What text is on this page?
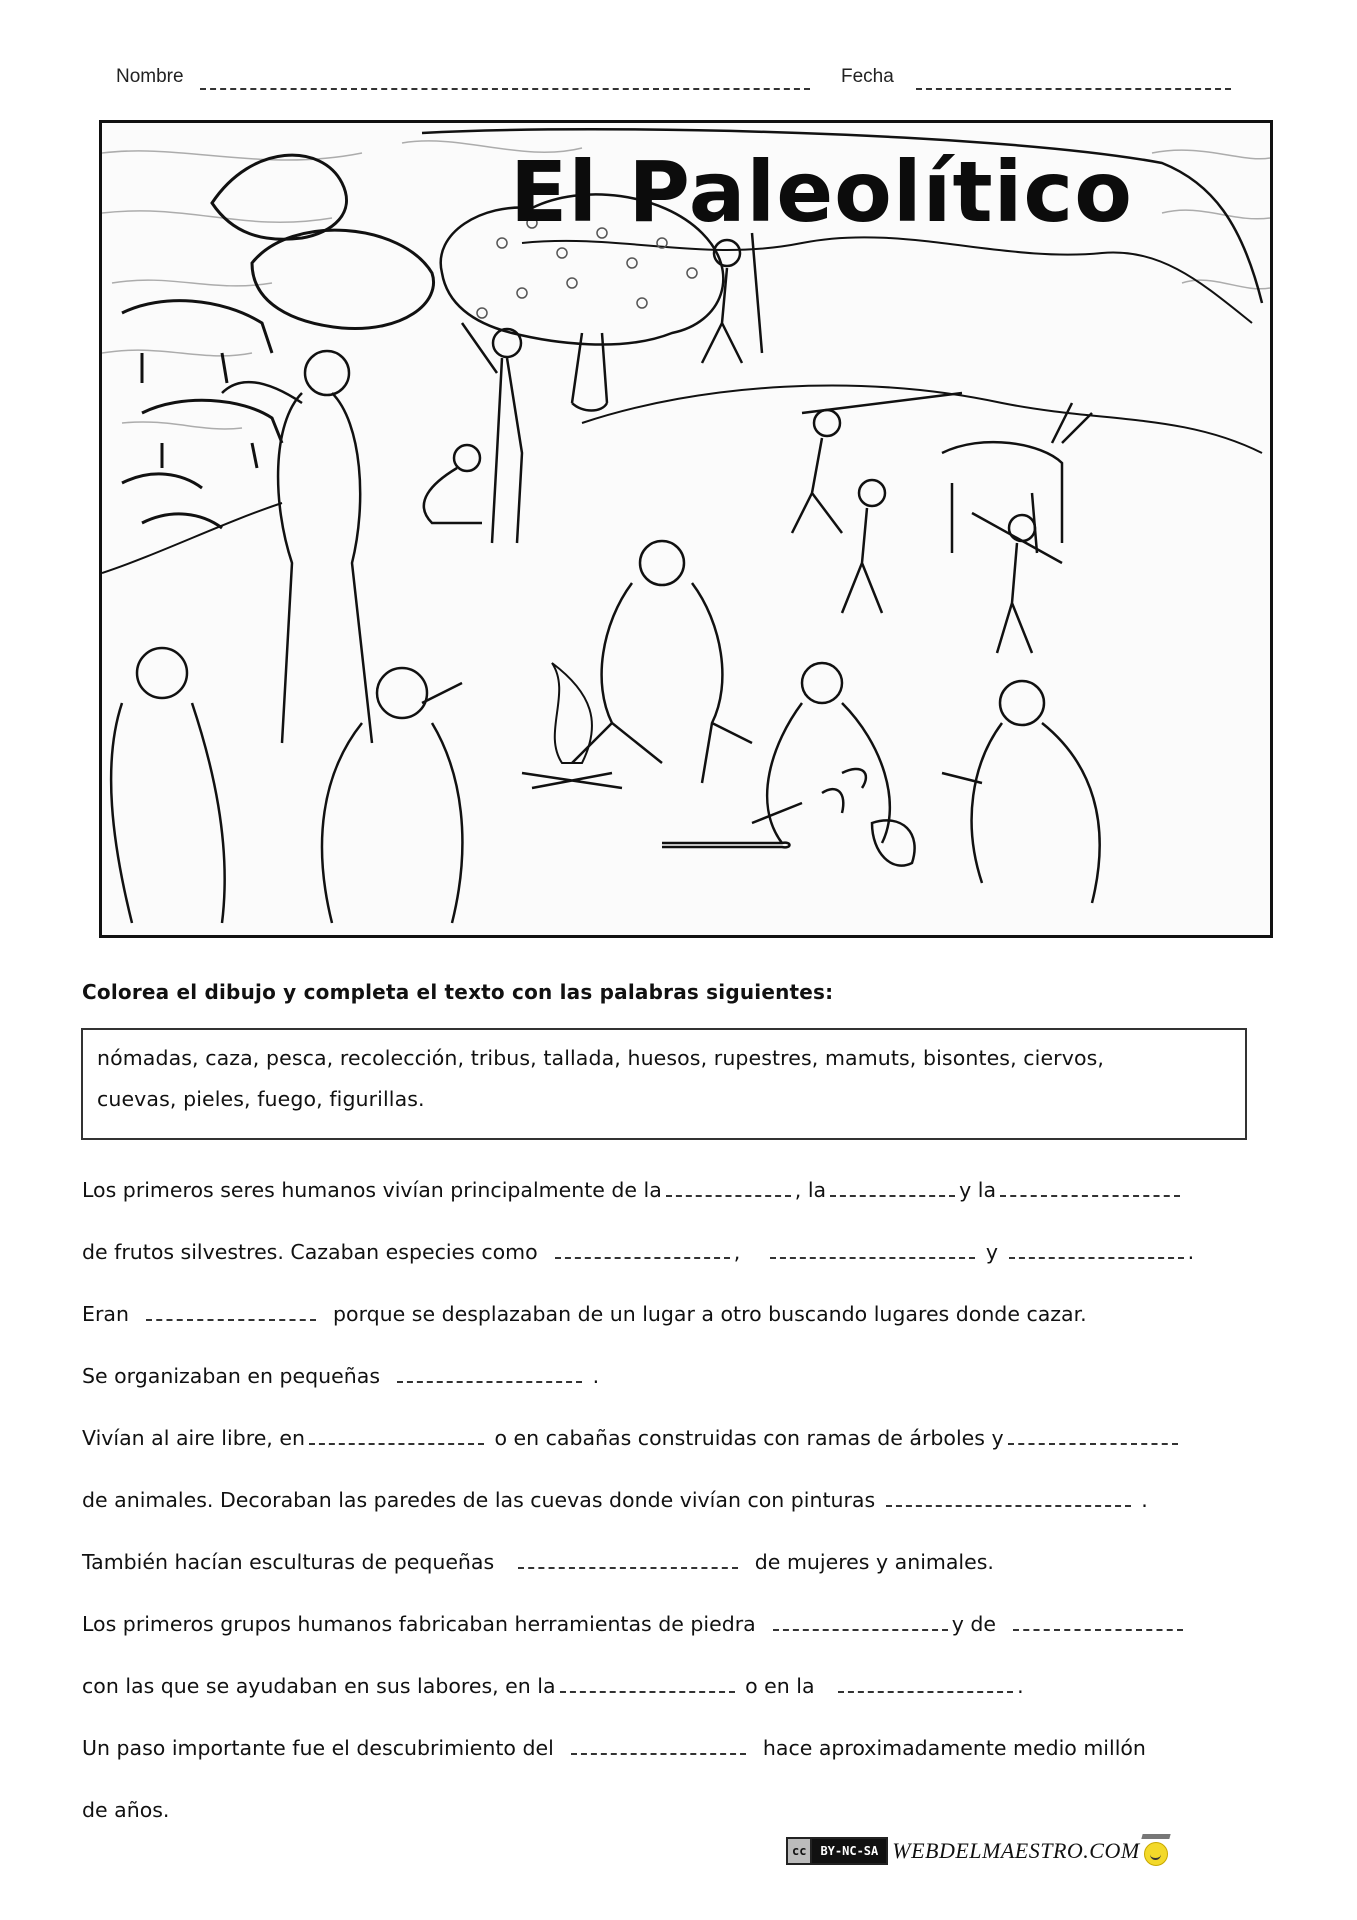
Nombre	Fecha
El Paleolítico
Colorea el dibujo y completa el texto con las palabras siguientes:
nómadas, caza, pesca, recolección, tribus, tallada, huesos, rupestres, mamuts, bisontes, ciervos,
cuevas, pieles, fuego, figurillas.
Los primeros seres humanos vivían principalmente de la	, la	y la
de frutos silvestres. Cazaban especies como	,	y	.
Eran	porque se desplazaban de un lugar a otro buscando lugares donde cazar.
Se organizaban en pequeñas	.
Vivían al aire libre, en	o en cabañas construidas con ramas de árboles y
de animales. Decoraban las paredes de las cuevas donde vivían con pinturas	.
También hacían esculturas de pequeñas	de mujeres y animales.
Los primeros grupos humanos fabricaban herramientas de piedra	y de
con las que se ayudaban en sus labores, en la	o en la	.
Un paso importante fue el descubrimiento del	hace aproximadamente medio millón
de años.
cc	BY-NC-SA WEBDELMAESTRO.COM
